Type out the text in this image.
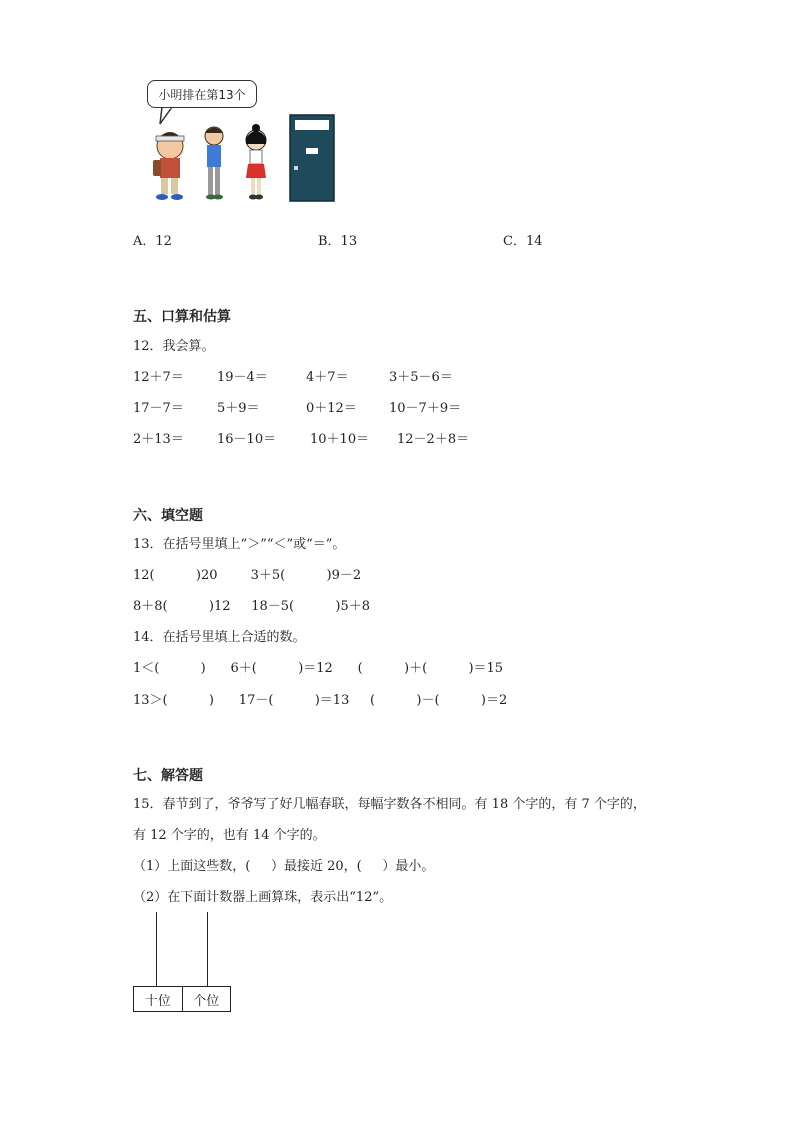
小明排在第13个
A．12	B．13	C．14
五、口算和估算
12．我会算。
12＋7＝	19－4＝	4＋7＝	3＋5－6＝
17－7＝	5＋9＝	0＋12＝ 10－7＋9＝
2＋13＝	16－10＝	10＋10＝ 12－2＋8＝
六、填空题
13．在括号里填上“＞”“＜”或“＝”。
12(          )20        3＋5(          )9－2
8＋8(          )12     18－5(          )5＋8
14．在括号里填上合适的数。
1＜(          )      6＋(          )＝12      (          )＋(          )＝15
13＞(          )      17－(          )＝13     (          )－(          )＝2
七、解答题
15．春节到了，爷爷写了好几幅春联，每幅字数各不相同。有 18 个字的，有 7 个字的，
有 12 个字的，也有 14 个字的。
（1）上面这些数，(     ）最接近 20，(     ）最小。
（2）在下面计数器上画算珠，表示出“12”。
十位	个位
